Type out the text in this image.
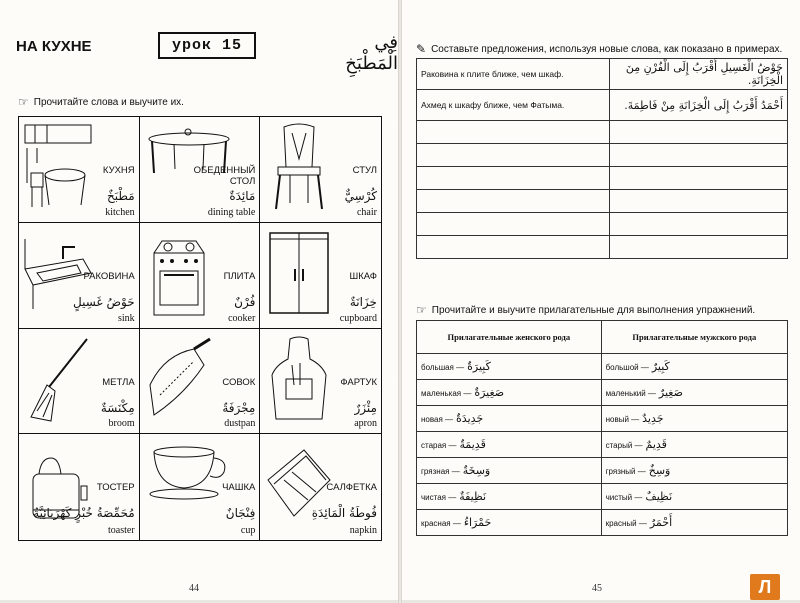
НА КУХНЕ	урок 15	فِي الْمَطْبَخِ
☞ Прочитайте слова и выучите их.
КУХНЯ
مَطْبَخٌ
kitchen
ОБЕДЕННЫЙ СТОЛ
مَائِدَةٌ
dining table
СТУЛ
كُرْسِيٌّ
chair
РАКОВИНА
حَوْضُ غَسِيلٍ
sink
ПЛИТА
فُرْنٌ
cooker
ШКАФ
خِزَانَةٌ
cupboard
МЕТЛА
مِكْنَسَةٌ
broom
СОВОК
مِجْرَفَةٌ
dustpan
ФАРТУК
مِئْزَرٌ
apron
ТОСТЕР
مُحَمِّصَةُ خُبْزٍ كَهْرَبَائِيَّةٌ
toaster
ЧАШКА
فِنْجَانٌ
cup
САЛФЕТКА
فُوطَةُ الْمَائِدَةِ
napkin
44
✎ Составьте предложения, используя новые слова, как показано в примерах.
Раковина к плите ближе, чем шкаф.	حَوْضُ الْغَسِيلِ أَقْرَبُ إِلَى الْفُرْنِ مِنَ الْخِزَانَةِ.
Ахмед к шкафу ближе, чем Фатыма.	أَحْمَدُ أَقْرَبُ إِلَى الْخِزَانَةِ مِنْ فَاطِمَةَ.

☞ Прочитайте и выучите прилагательные для выполнения упражнений.
Прилагательные женского рода	Прилагательные мужского рода
большая — كَبِيرَةٌ	большой — كَبِيرٌ
маленькая — صَغِيرَةٌ	маленький — صَغِيرٌ
новая — جَدِيدَةٌ	новый — جَدِيدٌ
старая — قَدِيمَةٌ	старый — قَدِيمٌ
грязная — وَسِخَةٌ	грязный — وَسِخٌ
чистая — نَظِيفَةٌ	чистый — نَظِيفٌ
красная — حَمْرَاءُ	красный — أَحْمَرُ
45	Л
